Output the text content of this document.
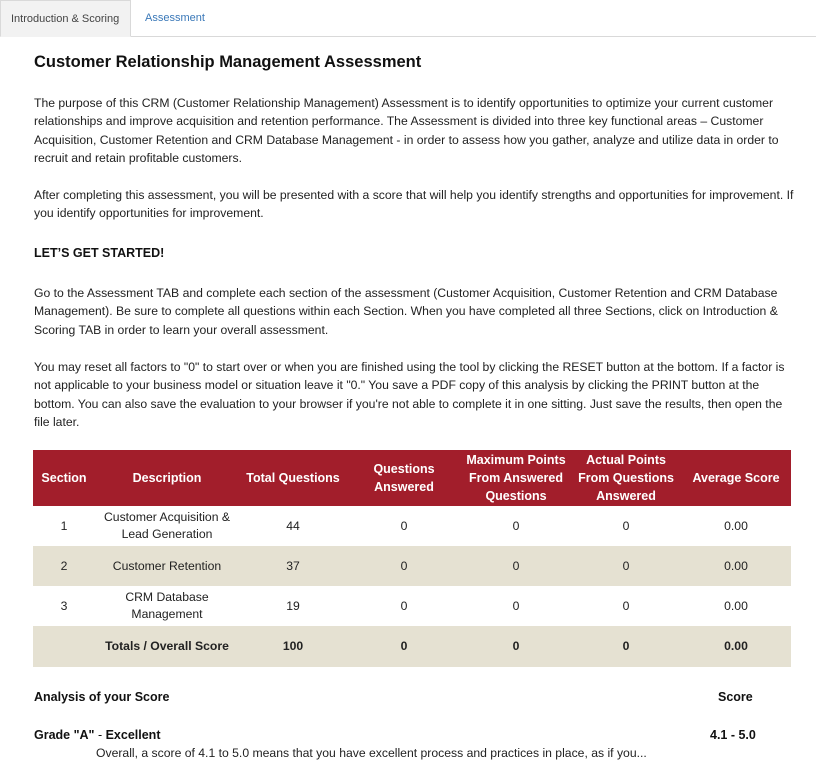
Introduction & Scoring	Assessment
Customer Relationship Management Assessment
The purpose of this CRM (Customer Relationship Management) Assessment is to identify opportunities to optimize your current customer relationships and improve acquisition and retention performance. The Assessment is divided into three key functional areas – Customer Acquisition, Customer Retention and CRM Database Management - in order to assess how you gather, analyze and utilize data in order to recruit and retain profitable customers.
After completing this assessment, you will be presented with a score that will help you identify strengths and opportunities for improvement. If you identify opportunities for improvement.
LET’S GET STARTED!
Go to the Assessment TAB and complete each section of the assessment (Customer Acquisition, Customer Retention and CRM Database Management). Be sure to complete all questions within each Section. When you have completed all three Sections, click on Introduction & Scoring TAB in order to learn your overall assessment.
You may reset all factors to "0" to start over or when you are finished using the tool by clicking the RESET button at the bottom. If a factor is not applicable to your business model or situation leave it "0." You save a PDF copy of this analysis by clicking the PRINT button at the bottom. You can also save the evaluation to your browser if you're not able to complete it in one sitting. Just save the results, then open the file later.
Section	Description	Total Questions	Questions Answered	Maximum Points From Answered Questions	Actual Points From Questions Answered	Average Score
1	Customer Acquisition & Lead Generation	44	0	0	0	0.00
2	Customer Retention	37	0	0	0	0.00
3	CRM Database Management	19	0	0	0	0.00
	Totals / Overall Score	100	0	0	0	0.00
Analysis of your Score	Score
Grade "A" - Excellent	4.1 - 5.0
Overall, a score of 4.1 to 5.0 means that you have excellent process and practices in place, as if you...
